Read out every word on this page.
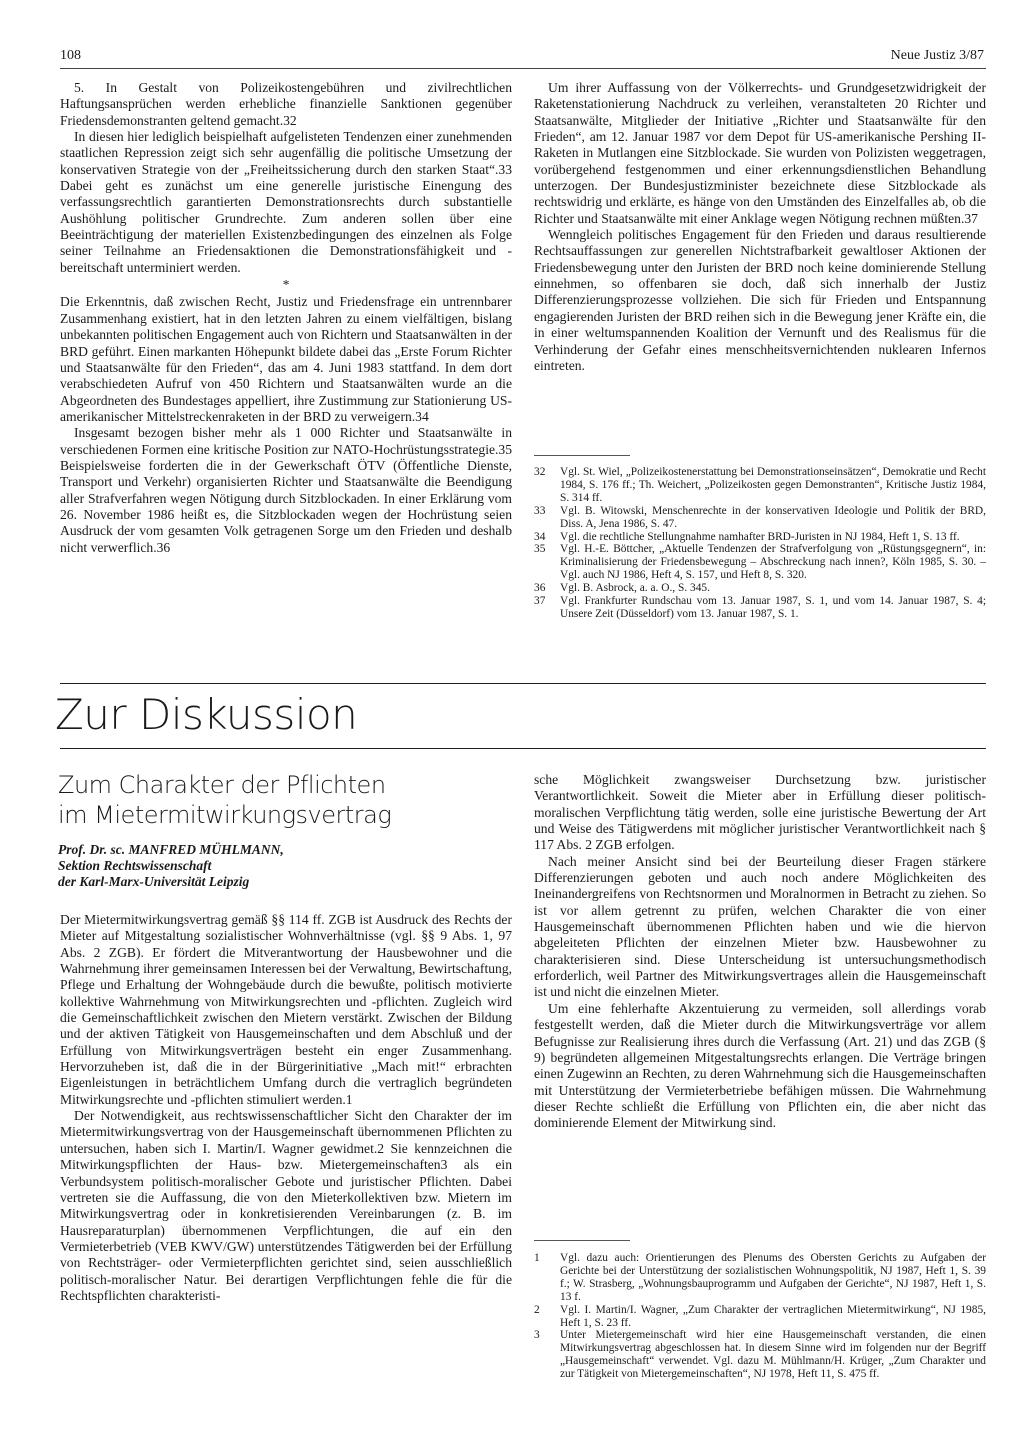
108	Neue Justiz 3/87

5. In Gestalt von Polizeikostengebühren und zivilrechtlichen Haftungsansprüchen werden erhebliche finanzielle Sanktionen gegenüber Friedensdemonstranten geltend gemacht.32

In diesen hier lediglich beispielhaft aufgelisteten Tendenzen einer zunehmenden staatlichen Repression zeigt sich sehr augenfällig die politische Umsetzung der konservativen Strategie von der „Freiheitssicherung durch den starken Staat“.33 Dabei geht es zunächst um eine generelle juristische Einengung des verfassungsrechtlich garantierten Demonstrationsrechts durch substantielle Aushöhlung politischer Grundrechte. Zum anderen sollen über eine Beeinträchtigung der materiellen Existenzbedingungen des einzelnen als Folge seiner Teilnahme an Friedensaktionen die Demonstrationsfähigkeit und -bereitschaft unterminiert werden.

*

Die Erkenntnis, daß zwischen Recht, Justiz und Friedensfrage ein untrennbarer Zusammenhang existiert, hat in den letzten Jahren zu einem vielfältigen, bislang unbekannten politischen Engagement auch von Richtern und Staatsanwälten in der BRD geführt. Einen markanten Höhepunkt bildete dabei das „Erste Forum Richter und Staatsanwälte für den Frieden“, das am 4. Juni 1983 stattfand. In dem dort verabschiedeten Aufruf von 450 Richtern und Staatsanwälten wurde an die Abgeordneten des Bundestages appelliert, ihre Zustimmung zur Stationierung US-amerikanischer Mittelstreckenraketen in der BRD zu verweigern.34

Insgesamt bezogen bisher mehr als 1 000 Richter und Staatsanwälte in verschiedenen Formen eine kritische Position zur NATO-Hochrüstungsstrategie.35 Beispielsweise forderten die in der Gewerkschaft ÖTV (Öffentliche Dienste, Transport und Verkehr) organisierten Richter und Staatsanwälte die Beendigung aller Strafverfahren wegen Nötigung durch Sitzblockaden. In einer Erklärung vom 26. November 1986 heißt es, die Sitzblockaden wegen der Hochrüstung seien Ausdruck der vom gesamten Volk getragenen Sorge um den Frieden und deshalb nicht verwerflich.36

Um ihrer Auffassung von der Völkerrechts- und Grundgesetzwidrigkeit der Raketenstationierung Nachdruck zu verleihen, veranstalteten 20 Richter und Staatsanwälte, Mitglieder der Initiative „Richter und Staatsanwälte für den Frieden“, am 12. Januar 1987 vor dem Depot für US-amerikanische Pershing II-Raketen in Mutlangen eine Sitzblockade. Sie wurden von Polizisten weggetragen, vorübergehend festgenommen und einer erkennungsdienstlichen Behandlung unterzogen. Der Bundesjustizminister bezeichnete diese Sitzblockade als rechtswidrig und erklärte, es hänge von den Umständen des Einzelfalles ab, ob die Richter und Staatsanwälte mit einer Anklage wegen Nötigung rechnen müßten.37

Wenngleich politisches Engagement für den Frieden und daraus resultierende Rechtsauffassungen zur generellen Nichtstrafbarkeit gewaltloser Aktionen der Friedensbewegung unter den Juristen der BRD noch keine dominierende Stellung einnehmen, so offenbaren sie doch, daß sich innerhalb der Justiz Differenzierungsprozesse vollziehen. Die sich für Frieden und Entspannung engagierenden Juristen der BRD reihen sich in die Bewegung jener Kräfte ein, die in einer weltumspannenden Koalition der Vernunft und des Realismus für die Verhinderung der Gefahr eines menschheitsvernichtenden nuklearen Infernos eintreten.

32	Vgl. St. Wiel, „Polizeikostenerstattung bei Demonstrationseinsätzen“, Demokratie und Recht 1984, S. 176 ff.; Th. Weichert, „Polizeikosten gegen Demonstranten“, Kritische Justiz 1984, S. 314 ff.
33	Vgl. B. Witowski, Menschenrechte in der konservativen Ideologie und Politik der BRD, Diss. A, Jena 1986, S. 47.
34	Vgl. die rechtliche Stellungnahme namhafter BRD-Juristen in NJ 1984, Heft 1, S. 13 ff.
35	Vgl. H.-E. Böttcher, „Aktuelle Tendenzen der Strafverfolgung von „Rüstungsgegnern“, in: Kriminalisierung der Friedensbewegung – Abschreckung nach innen?, Köln 1985, S. 30. – Vgl. auch NJ 1986, Heft 4, S. 157, und Heft 8, S. 320.
36	Vgl. B. Asbrock, a. a. O., S. 345.
37	Vgl. Frankfurter Rundschau vom 13. Januar 1987, S. 1, und vom 14. Januar 1987, S. 4; Unsere Zeit (Düsseldorf) vom 13. Januar 1987, S. 1.
Zur Diskussion
Zum Charakter der Pflichten
im Mietermitwirkungsvertrag
Prof. Dr. sc. MANFRED MÜHLMANN,
Sektion Rechtswissenschaft
der Karl-Marx-Universität Leipzig

Der Mietermitwirkungsvertrag gemäß §§ 114 ff. ZGB ist Ausdruck des Rechts der Mieter auf Mitgestaltung sozialistischer Wohnverhältnisse (vgl. §§ 9 Abs. 1, 97 Abs. 2 ZGB). Er fördert die Mitverantwortung der Hausbewohner und die Wahrnehmung ihrer gemeinsamen Interessen bei der Verwaltung, Bewirtschaftung, Pflege und Erhaltung der Wohngebäude durch die bewußte, politisch motivierte kollektive Wahrnehmung von Mitwirkungsrechten und -pflichten. Zugleich wird die Gemeinschaftlichkeit zwischen den Mietern verstärkt. Zwischen der Bildung und der aktiven Tätigkeit von Hausgemeinschaften und dem Abschluß und der Erfüllung von Mitwirkungsverträgen besteht ein enger Zusammenhang. Hervorzuheben ist, daß die in der Bürgerinitiative „Mach mit!“ erbrachten Eigenleistungen in beträchtlichem Umfang durch die vertraglich begründeten Mitwirkungsrechte und -pflichten stimuliert werden.1

Der Notwendigkeit, aus rechtswissenschaftlicher Sicht den Charakter der im Mietermitwirkungsvertrag von der Hausgemeinschaft übernommenen Pflichten zu untersuchen, haben sich I. Martin/I. Wagner gewidmet.2 Sie kennzeichnen die Mitwirkungspflichten der Haus- bzw. Mietergemeinschaften3 als ein Verbundsystem politisch-moralischer Gebote und juristischer Pflichten. Dabei vertreten sie die Auffassung, die von den Mieterkollektiven bzw. Mietern im Mitwirkungsvertrag oder in konkretisierenden Vereinbarungen (z. B. im Hausreparaturplan) übernommenen Verpflichtungen, die auf ein den Vermieterbetrieb (VEB KWV/GW) unterstützendes Tätigwerden bei der Erfüllung von Rechtsträger- oder Vermieterpflichten gerichtet sind, seien ausschließlich politisch-moralischer Natur. Bei derartigen Verpflichtungen fehle die für die Rechtspflichten charakteristi-

sche Möglichkeit zwangsweiser Durchsetzung bzw. juristischer Verantwortlichkeit. Soweit die Mieter aber in Erfüllung dieser politisch-moralischen Verpflichtung tätig werden, solle eine juristische Bewertung der Art und Weise des Tätigwerdens mit möglicher juristischer Verantwortlichkeit nach § 117 Abs. 2 ZGB erfolgen.

Nach meiner Ansicht sind bei der Beurteilung dieser Fragen stärkere Differenzierungen geboten und auch noch andere Möglichkeiten des Ineinandergreifens von Rechtsnormen und Moralnormen in Betracht zu ziehen. So ist vor allem getrennt zu prüfen, welchen Charakter die von einer Hausgemeinschaft übernommenen Pflichten haben und wie die hiervon abgeleiteten Pflichten der einzelnen Mieter bzw. Hausbewohner zu charakterisieren sind. Diese Unterscheidung ist untersuchungsmethodisch erforderlich, weil Partner des Mitwirkungsvertrages allein die Hausgemeinschaft ist und nicht die einzelnen Mieter.

Um eine fehlerhafte Akzentuierung zu vermeiden, soll allerdings vorab festgestellt werden, daß die Mieter durch die Mitwirkungsverträge vor allem Befugnisse zur Realisierung ihres durch die Verfassung (Art. 21) und das ZGB (§ 9) begründeten allgemeinen Mitgestaltungsrechts erlangen. Die Verträge bringen einen Zugewinn an Rechten, zu deren Wahrnehmung sich die Hausgemeinschaften mit Unterstützung der Vermieterbetriebe befähigen müssen. Die Wahrnehmung dieser Rechte schließt die Erfüllung von Pflichten ein, die aber nicht das dominierende Element der Mitwirkung sind.

1	Vgl. dazu auch: Orientierungen des Plenums des Obersten Gerichts zu Aufgaben der Gerichte bei der Unterstützung der sozialistischen Wohnungspolitik, NJ 1987, Heft 1, S. 39 f.; W. Strasberg, „Wohnungsbauprogramm und Aufgaben der Gerichte“, NJ 1987, Heft 1, S. 13 f.
2	Vgl. I. Martin/I. Wagner, „Zum Charakter der vertraglichen Mietermitwirkung“, NJ 1985, Heft 1, S. 23 ff.
3	Unter Mietergemeinschaft wird hier eine Hausgemeinschaft verstanden, die einen Mitwirkungsvertrag abgeschlossen hat. In diesem Sinne wird im folgenden nur der Begriff „Hausgemeinschaft“ verwendet. Vgl. dazu M. Mühlmann/H. Krüger, „Zum Charakter und zur Tätigkeit von Mietergemeinschaften“, NJ 1978, Heft 11, S. 475 ff.
